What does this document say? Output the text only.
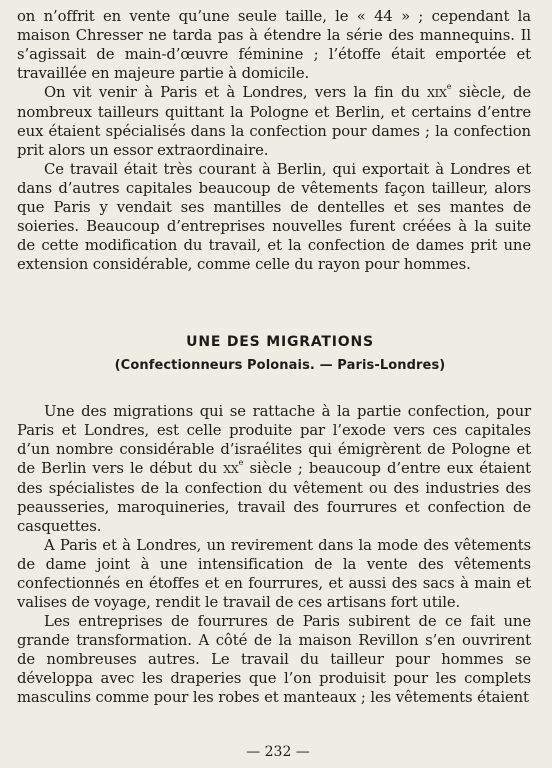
on n’offrit en vente qu’une seule taille, le « 44 » ; cependant la maison Chresser ne tarda pas à étendre la série des mannequins. Il s’agissait de main-d’œuvre féminine ; l’étoffe était emportée et travaillée en majeure partie à domicile.

On vit venir à Paris et à Londres, vers la fin du XIXe siècle, de nombreux tailleurs quittant la Pologne et Berlin, et certains d’entre eux étaient spécialisés dans la confection pour dames ; la confection prit alors un essor extraordinaire.

Ce travail était très courant à Berlin, qui exportait à Londres et dans d’autres capitales beaucoup de vêtements façon tailleur, alors que Paris y vendait ses mantilles de dentelles et ses mantes de soieries. Beaucoup d’entreprises nouvelles furent créées à la suite de cette modification du travail, et la confection de dames prit une extension considérable, comme celle du rayon pour hommes.

UNE DES MIGRATIONS
(Confectionneurs Polonais. — Paris-Londres)

Une des migrations qui se rattache à la partie confection, pour Paris et Londres, est celle produite par l’exode vers ces capitales d’un nombre considérable d’israélites qui émigrèrent de Pologne et de Berlin vers le début du XXe siècle ; beaucoup d’entre eux étaient des spécialistes de la confection du vêtement ou des industries des peausseries, maroquineries, travail des fourrures et confection de casquettes.

A Paris et à Londres, un revirement dans la mode des vêtements de dame joint à une intensification de la vente des vêtements confectionnés en étoffes et en fourrures, et aussi des sacs à main et valises de voyage, rendit le travail de ces artisans fort utile.

Les entreprises de fourrures de Paris subirent de ce fait une grande transformation. A côté de la maison Revillon s’en ouvrirent de nombreuses autres. Le travail du tailleur pour hommes se développa avec les draperies que l’on produisit pour les complets masculins comme pour les robes et manteaux ; les vêtements étaient

— 232 —
